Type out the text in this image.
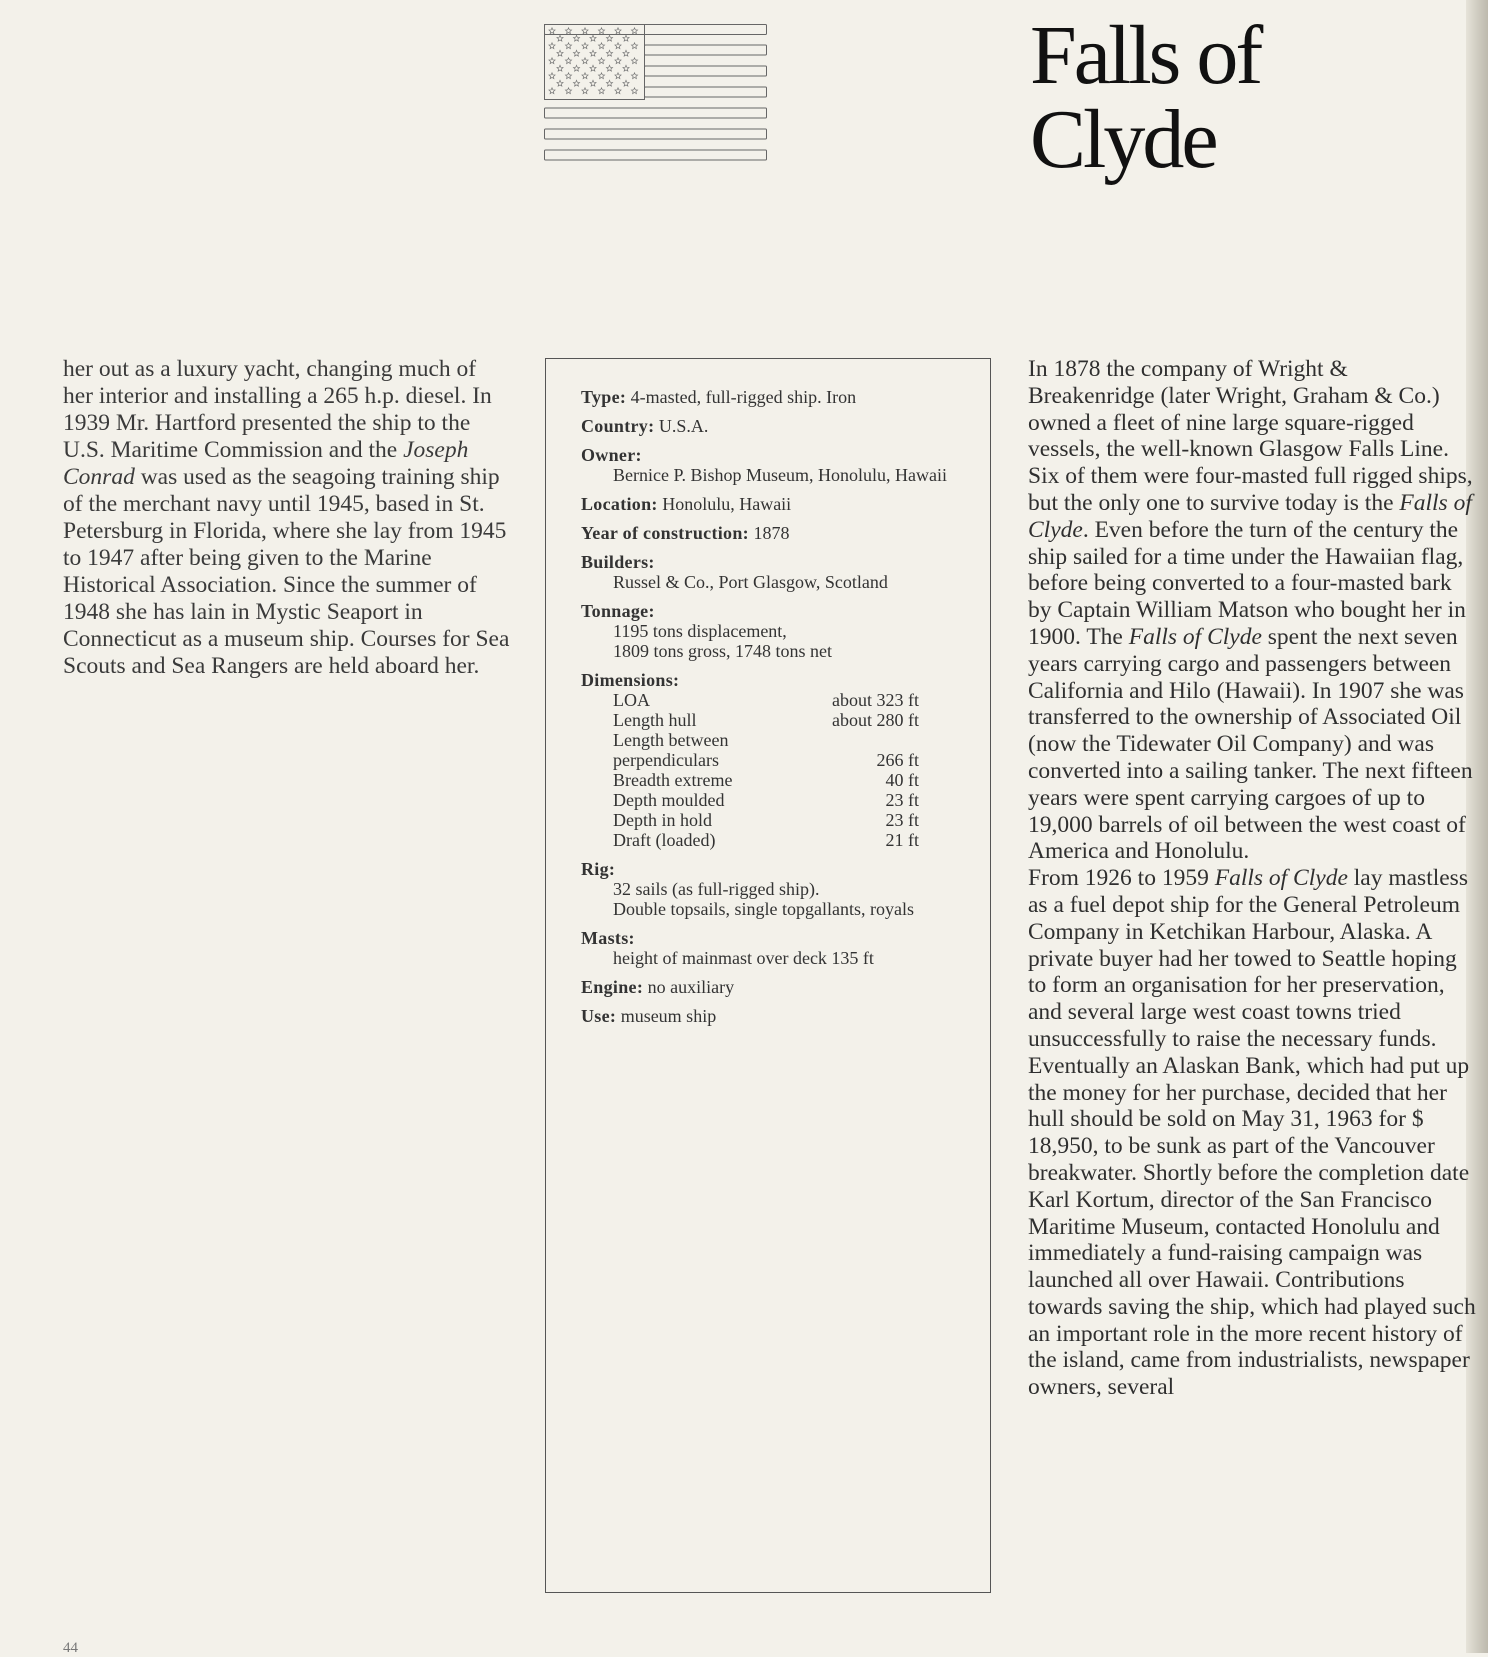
Falls of
Clyde

her out as a luxury yacht, changing much of her interior and installing a 265 h.p. diesel. In 1939 Mr. Hartford presented the ship to the U.S. Maritime Commission and the Joseph Conrad was used as the seagoing training ship of the merchant navy until 1945, based in St. Petersburg in Florida, where she lay from 1945 to 1947 after being given to the Marine Historical Association. Since the summer of 1948 she has lain in Mystic Seaport in Connecticut as a museum ship. Courses for Sea Scouts and Sea Rangers are held aboard her.

Type: 4-masted, full-rigged ship. Iron
Country: U.S.A.
Owner:
Bernice P. Bishop Museum, Honolulu, Hawaii
Location: Honolulu, Hawaii
Year of construction: 1878
Builders:
Russel & Co., Port Glasgow, Scotland
Tonnage:
1195 tons displacement,
1809 tons gross, 1748 tons net
Dimensions:
LOA	about 323 ft
Length hull	about 280 ft
Length between
perpendiculars	266 ft
Breadth extreme	40 ft
Depth moulded	23 ft
Depth in hold	23 ft
Draft (loaded)	21 ft
Rig:
32 sails (as full-rigged ship).
Double topsails, single topgallants, royals
Masts:
height of mainmast over deck 135 ft
Engine: no auxiliary
Use: museum ship

In 1878 the company of Wright & Breakenridge (later Wright, Graham & Co.) owned a fleet of nine large square-rigged vessels, the well-known Glasgow Falls Line. Six of them were four-masted full rigged ships, but the only one to survive today is the Falls of Clyde. Even before the turn of the century the ship sailed for a time under the Hawaiian flag, before being converted to a four-masted bark by Captain William Matson who bought her in 1900. The Falls of Clyde spent the next seven years carrying cargo and passengers between California and Hilo (Hawaii). In 1907 she was transferred to the ownership of Associated Oil (now the Tidewater Oil Company) and was converted into a sailing tanker. The next fifteen years were spent carrying cargoes of up to 19,000 barrels of oil between the west coast of America and Honolulu.

From 1926 to 1959 Falls of Clyde lay mastless as a fuel depot ship for the General Petroleum Company in Ketchikan Harbour, Alaska. A private buyer had her towed to Seattle hoping to form an organisation for her preservation, and several large west coast towns tried unsuccessfully to raise the necessary funds. Eventually an Alaskan Bank, which had put up the money for her purchase, decided that her hull should be sold on May 31, 1963 for $ 18,950, to be sunk as part of the Vancouver breakwater. Shortly before the completion date Karl Kortum, director of the San Francisco Maritime Museum, contacted Honolulu and immediately a fund-raising campaign was launched all over Hawaii. Contributions towards saving the ship, which had played such an important role in the more recent history of the island, came from industrialists, newspaper owners, several

44
